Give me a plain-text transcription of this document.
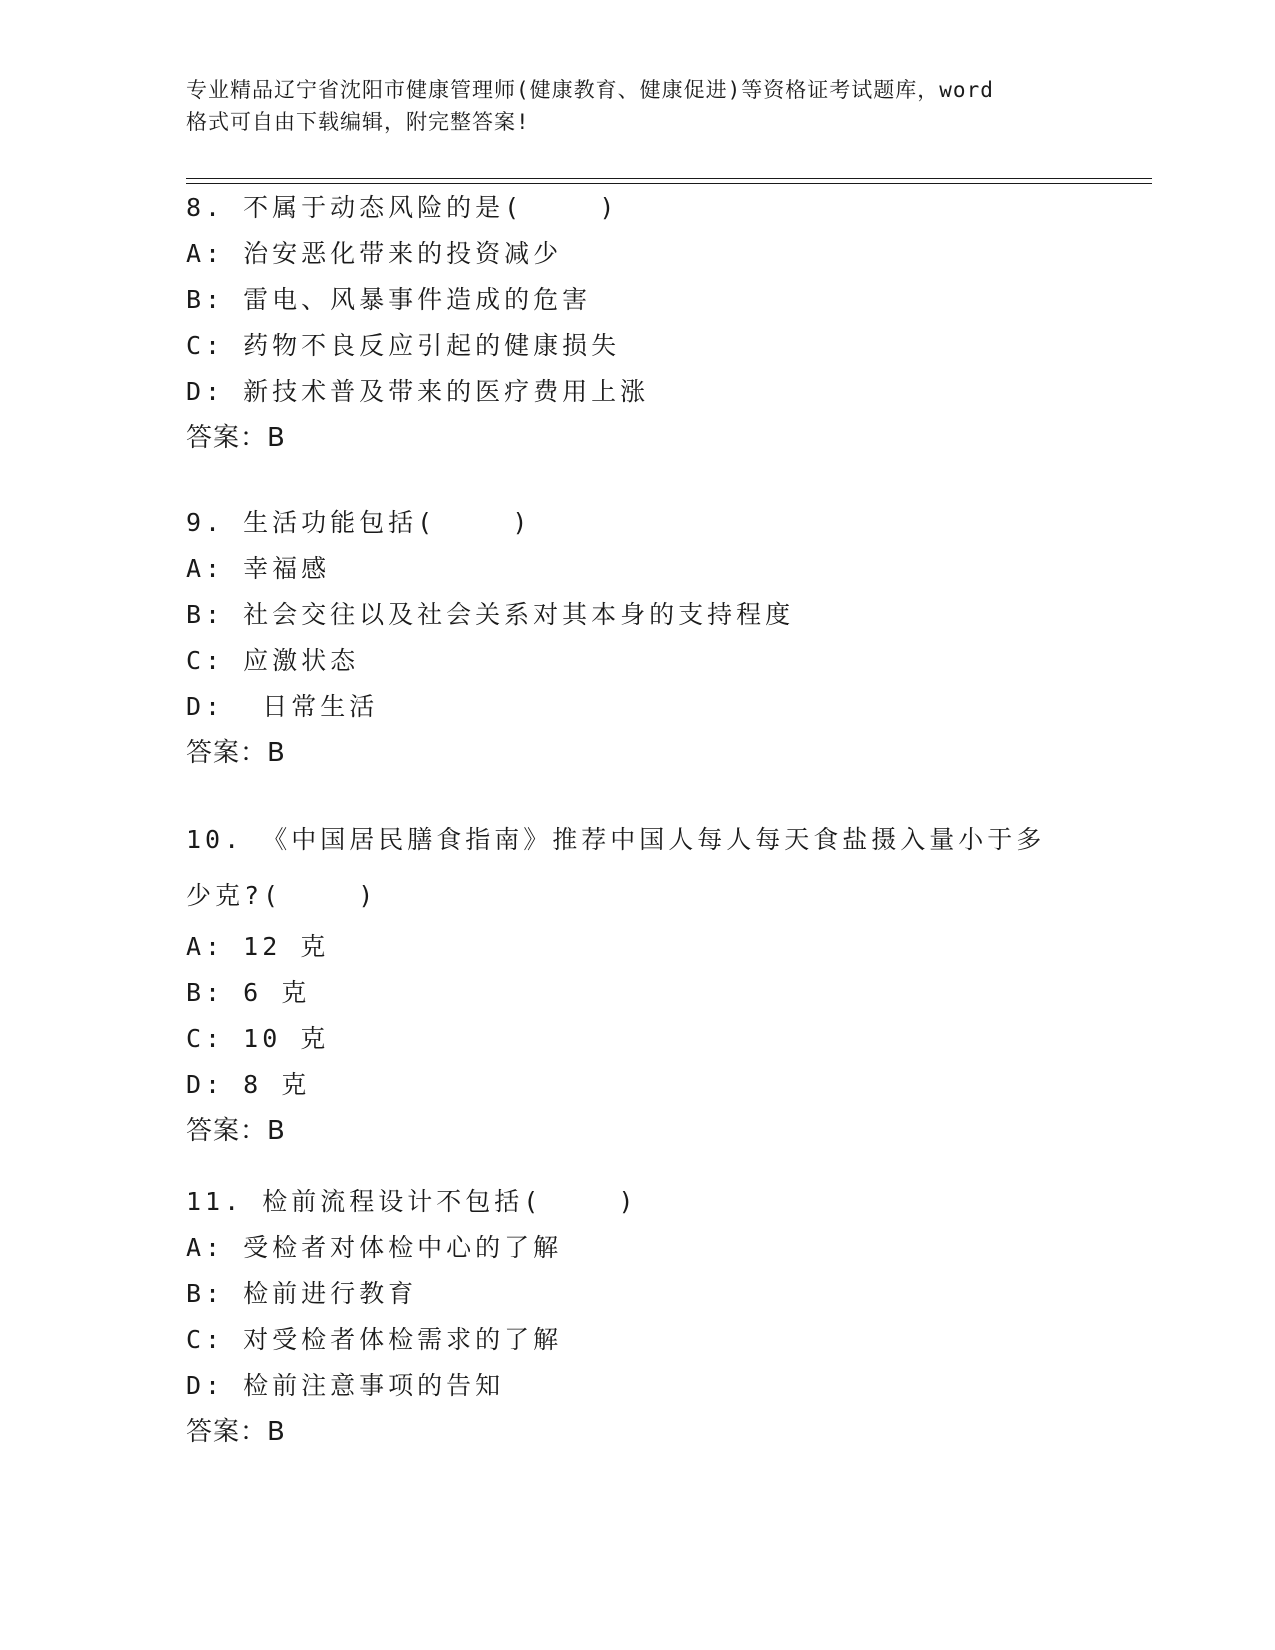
专业精品辽宁省沈阳市健康管理师(健康教育、健康促进)等资格证考试题库，word
格式可自由下载编辑，附完整答案!
8. 不属于动态风险的是(    )
A: 治安恶化带来的投资减少
B: 雷电、风暴事件造成的危害
C: 药物不良反应引起的健康损失
D: 新技术普及带来的医疗费用上涨
答案：B
9. 生活功能包括(    )
A: 幸福感
B: 社会交往以及社会关系对其本身的支持程度
C: 应激状态
D:  日常生活
答案：B
10. 《中国居民膳食指南》推荐中国人每人每天食盐摄入量小于多少克?(    )
A: 12 克
B: 6 克
C: 10 克
D: 8 克
答案：B
11. 检前流程设计不包括(    )
A: 受检者对体检中心的了解
B: 检前进行教育
C: 对受检者体检需求的了解
D: 检前注意事项的告知
答案：B
